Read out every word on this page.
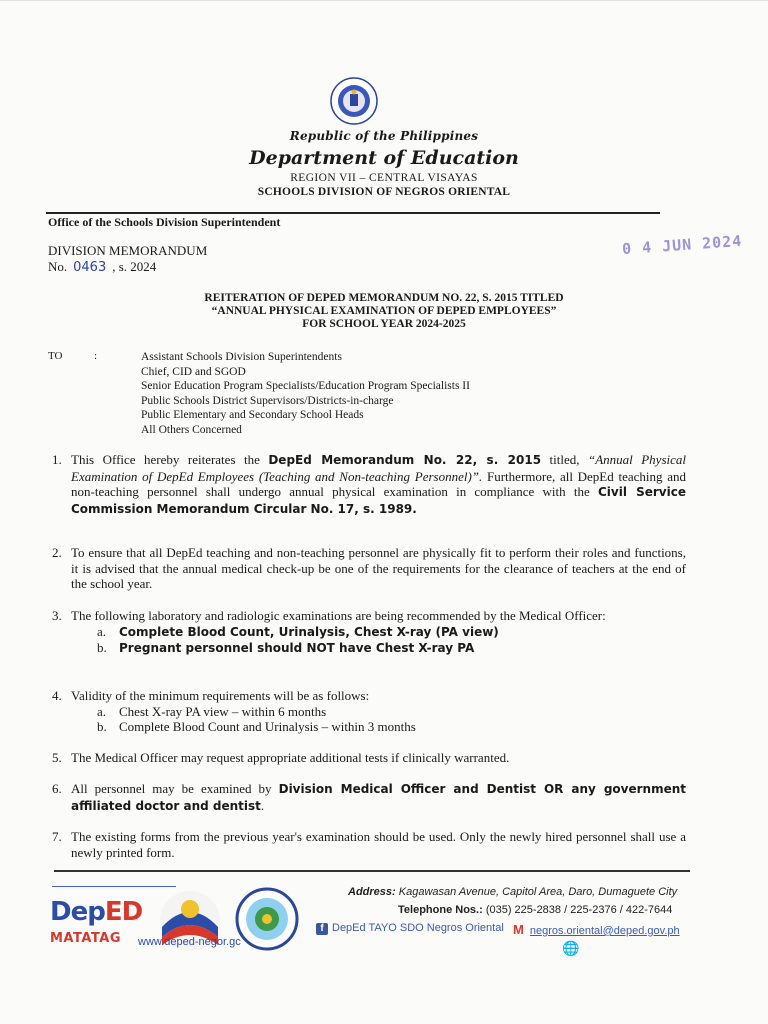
Republic of the Philippines
Department of Education
REGION VII – CENTRAL VISAYAS
SCHOOLS DIVISION OF NEGROS ORIENTAL
Office of the Schools Division Superintendent
DIVISION MEMORANDUM
No. 0463 , s. 2024
0 4 JUN 2024
REITERATION OF DEPED MEMORANDUM NO. 22, S. 2015 TITLED
“ANNUAL PHYSICAL EXAMINATION OF DEPED EMPLOYEES”
FOR SCHOOL YEAR 2024-2025
TO	:	Assistant Schools Division Superintendents
Chief, CID and SGOD
Senior Education Program Specialists/Education Program Specialists II
Public Schools District Supervisors/Districts-in-charge
Public Elementary and Secondary School Heads
All Others Concerned
1. This Office hereby reiterates the DepEd Memorandum No. 22, s. 2015 titled, “Annual Physical Examination of DepEd Employees (Teaching and Non-teaching Personnel)”. Furthermore, all DepEd teaching and non-teaching personnel shall undergo annual physical examination in compliance with the Civil Service Commission Memorandum Circular No. 17, s. 1989.
2. To ensure that all DepEd teaching and non-teaching personnel are physically fit to perform their roles and functions, it is advised that the annual medical check-up be one of the requirements for the clearance of teachers at the end of the school year.
3. The following laboratory and radiologic examinations are being recommended by the Medical Officer:
a. Complete Blood Count, Urinalysis, Chest X-ray (PA view)
b. Pregnant personnel should NOT have Chest X-ray PA
4. Validity of the minimum requirements will be as follows:
a. Chest X-ray PA view – within 6 months
b. Complete Blood Count and Urinalysis – within 3 months
5. The Medical Officer may request appropriate additional tests if clinically warranted.
6. All personnel may be examined by Division Medical Officer and Dentist OR any government affiliated doctor and dentist.
7. The existing forms from the previous year's examination should be used. Only the newly hired personnel shall use a newly printed form.
DepED
MATATAG www.deped-negor.gc
Address: Kagawasan Avenue, Capitol Area, Daro, Dumaguete City
Telephone Nos.: (035) 225-2838 / 225-2376 / 422-7644
f DepEd TAYO SDO Negros Oriental M negros.oriental@deped.gov.ph
🌐
